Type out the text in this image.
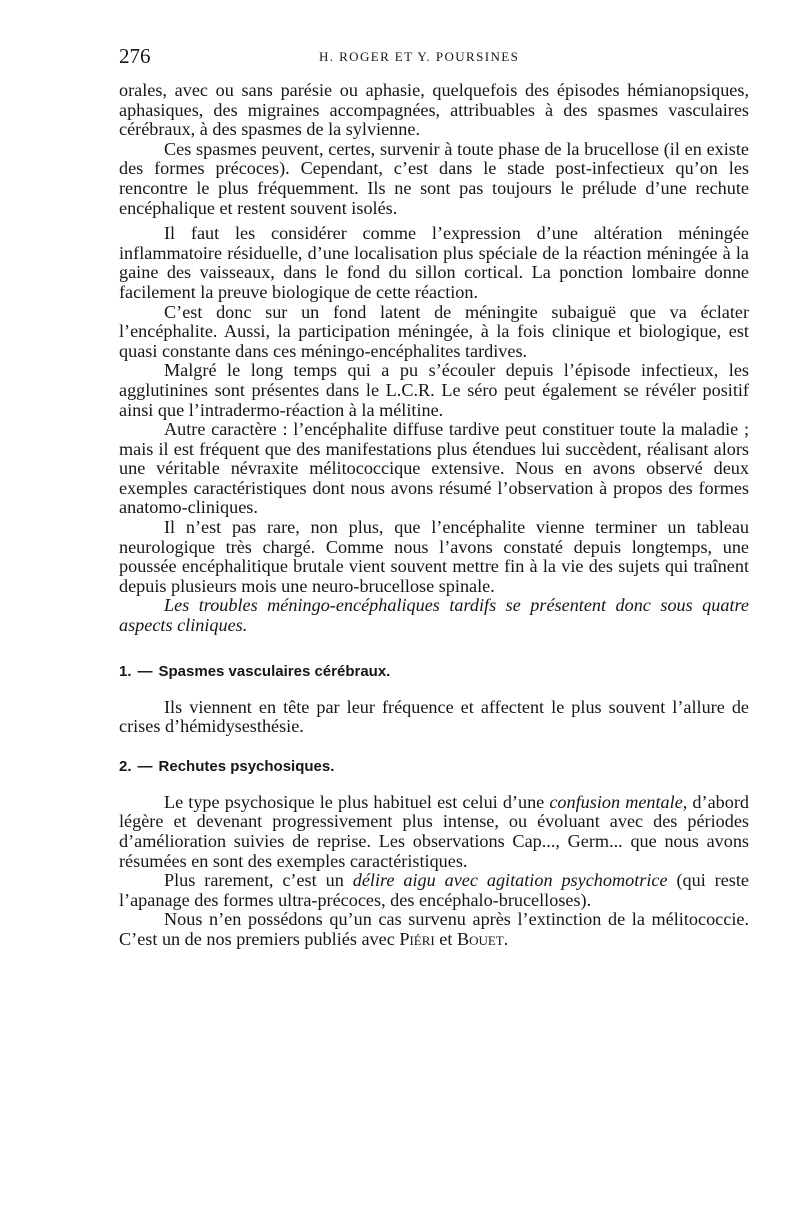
276	H. ROGER ET Y. POURSINES

orales, avec ou sans parésie ou aphasie, quelquefois des épisodes hémianopsiques, aphasiques, des migraines accompagnées, attribuables à des spasmes vasculaires cérébraux, à des spasmes de la sylvienne.

Ces spasmes peuvent, certes, survenir à toute phase de la brucellose (il en existe des formes précoces). Cependant, c’est dans le stade post-infectieux qu’on les rencontre le plus fréquemment. Ils ne sont pas toujours le prélude d’une rechute encéphalique et restent souvent isolés.

Il faut les considérer comme l’expression d’une altération méningée inflammatoire résiduelle, d’une localisation plus spéciale de la réaction méningée à la gaine des vaisseaux, dans le fond du sillon cortical. La ponction lombaire donne facilement la preuve biologique de cette réaction.

C’est donc sur un fond latent de méningite subaiguë que va éclater l’encéphalite. Aussi, la participation méningée, à la fois clinique et biologique, est quasi constante dans ces méningo-encéphalites tardives.

Malgré le long temps qui a pu s’écouler depuis l’épisode infectieux, les agglutinines sont présentes dans le L.C.R. Le séro peut également se révéler positif ainsi que l’intradermo-réaction à la mélitine.

Autre caractère : l’encéphalite diffuse tardive peut constituer toute la maladie ; mais il est fréquent que des manifestations plus étendues lui succèdent, réalisant alors une véritable névraxite mélitococcique extensive. Nous en avons observé deux exemples caractéristiques dont nous avons résumé l’observation à propos des formes anatomo-cliniques.

Il n’est pas rare, non plus, que l’encéphalite vienne terminer un tableau neurologique très chargé. Comme nous l’avons constaté depuis longtemps, une poussée encéphalitique brutale vient souvent mettre fin à la vie des sujets qui traînent depuis plusieurs mois une neuro-brucellose spinale.

Les troubles méningo-encéphaliques tardifs se présentent donc sous quatre aspects cliniques.

1. — Spasmes vasculaires cérébraux.

Ils viennent en tête par leur fréquence et affectent le plus souvent l’allure de crises d’hémidysesthésie.

2. — Rechutes psychosiques.

Le type psychosique le plus habituel est celui d’une confusion mentale, d’abord légère et devenant progressivement plus intense, ou évoluant avec des périodes d’amélioration suivies de reprise. Les observations Cap..., Germ... que nous avons résumées en sont des exemples caractéristiques.

Plus rarement, c’est un délire aigu avec agitation psychomotrice (qui reste l’apanage des formes ultra-précoces, des encéphalo-brucelloses).

Nous n’en possédons qu’un cas survenu après l’extinction de la mélitococcie. C’est un de nos premiers publiés avec Piéri et Bouet.
